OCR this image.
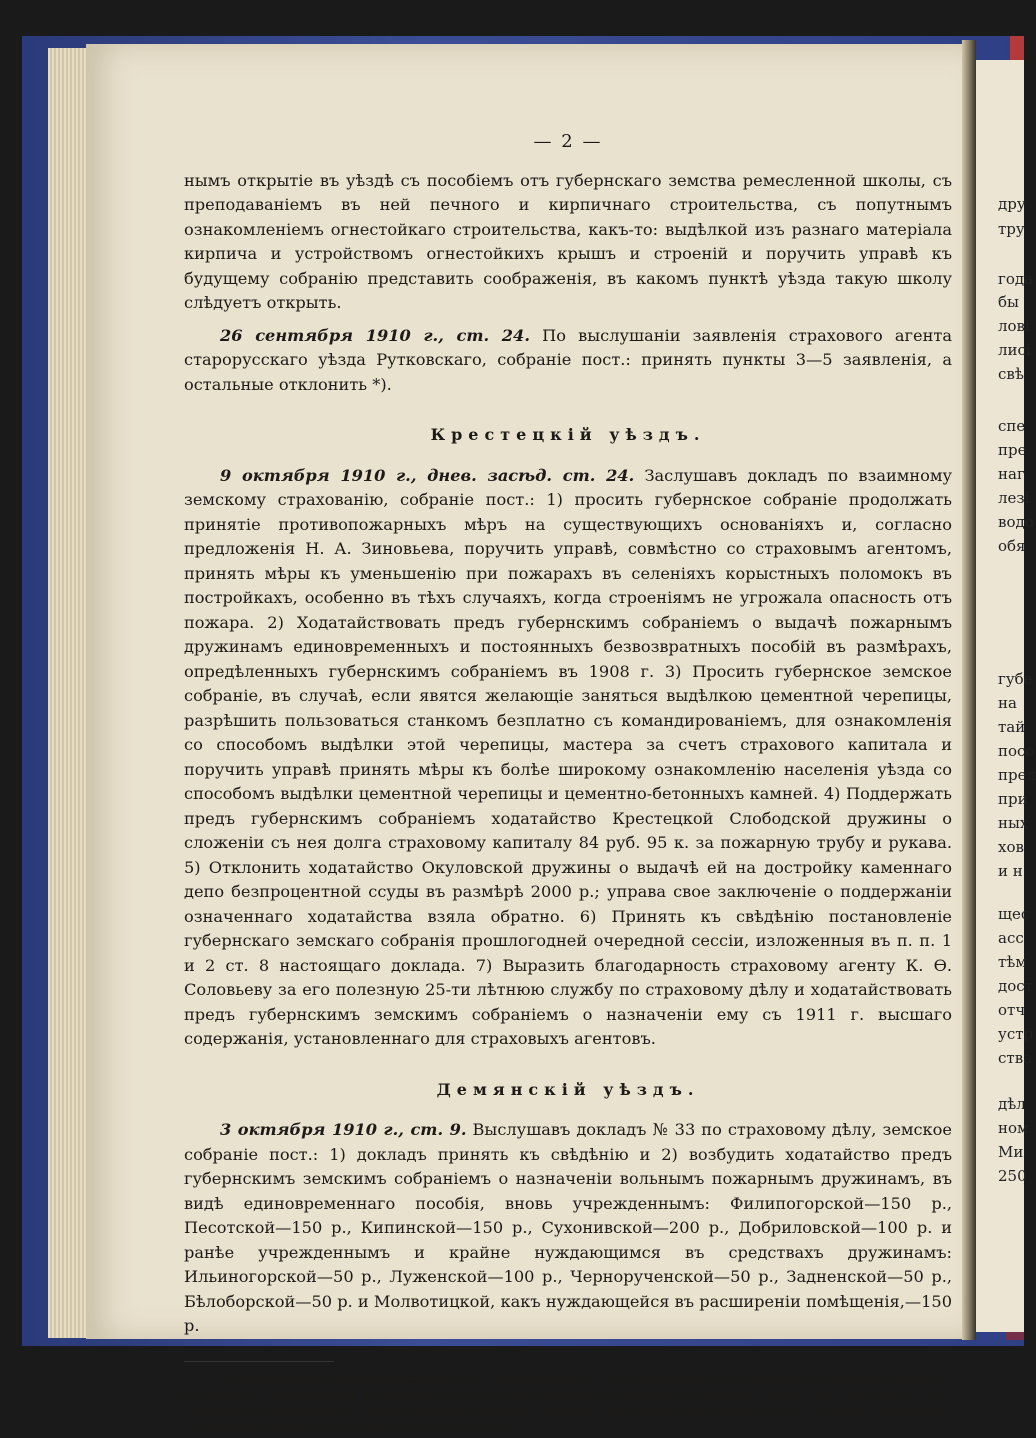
дру
тру
года
бы
лові
лисі
свѣ
спе
пре
наг
лезі
водо
обя
губе
на
тай
посо
прел
при
ных
хов
и н
щес
асс
тѣм
дост
отч
устр
ства
дѣл
ном
Ми
250
— 2 —

нымъ открытіе въ уѣздѣ съ пособіемъ отъ губернскаго земства ремесленной школы, съ преподаваніемъ въ ней печного и кирпичнаго строительства, съ попутнымъ ознакомленіемъ огнестойкаго строительства, какъ-то: выдѣлкой изъ разнаго матеріала кирпича и устройствомъ огнестойкихъ крышъ и строеній и поручить управѣ къ будущему собранію представить соображенія, въ какомъ пунктѣ уѣзда такую школу слѣдуетъ открыть.

26 сентября 1910 г., ст. 24. По выслушаніи заявленія страхового агента старорусскаго уѣзда Рутковскаго, собраніе пост.: принять пункты 3—5 заявленія, а остальные отклонить *).

Крестецкій уѣздъ.

9 октября 1910 г., днев. засѣд. ст. 24. Заслушавъ докладъ по взаимному земскому страхованію, собраніе пост.: 1) просить губернское собраніе продолжать принятіе противопожарныхъ мѣръ на существующихъ основаніяхъ и, согласно предложенія Н. А. Зиновьева, поручить управѣ, совмѣстно со страховымъ агентомъ, принять мѣры къ уменьшенію при пожарахъ въ селеніяхъ корыстныхъ поломокъ въ постройкахъ, особенно въ тѣхъ случаяхъ, когда строеніямъ не угрожала опасность отъ пожара. 2) Ходатайствовать предъ губернскимъ собраніемъ о выдачѣ пожарнымъ дружинамъ единовременныхъ и постоянныхъ безвозвратныхъ пособій въ размѣрахъ, опредѣленныхъ губернскимъ собраніемъ въ 1908 г. 3) Просить губернское земское собраніе, въ случаѣ, если явятся желающіе заняться выдѣлкою цементной черепицы, разрѣшить пользоваться станкомъ безплатно съ командированіемъ, для ознакомленія со способомъ выдѣлки этой черепицы, мастера за счетъ страхового капитала и поручить управѣ принять мѣры къ болѣе широкому ознакомленію населенія уѣзда со способомъ выдѣлки цементной черепицы и цементно-бетонныхъ камней. 4) Поддержать предъ губернскимъ собраніемъ ходатайство Крестецкой Слободской дружины о сложеніи съ нея долга страховому капиталу 84 руб. 95 к. за пожарную трубу и рукава. 5) Отклонить ходатайство Окуловской дружины о выдачѣ ей на достройку каменнаго депо безпроцентной ссуды въ размѣрѣ 2000 р.; управа свое заключеніе о поддержаніи означеннаго ходатайства взяла обратно. 6) Принять къ свѣдѣнію постановленіе губернскаго земскаго собранія прошлогодней очередной сессіи, изложенныя въ п. п. 1 и 2 ст. 8 настоящаго доклада. 7) Выразить благодарность страховому агенту К. Ѳ. Соловьеву за его полезную 25-ти лѣтнюю службу по страховому дѣлу и ходатайствовать предъ губернскимъ земскимъ собраніемъ о назначеніи ему съ 1911 г. высшаго содержанія, установленнаго для страховыхъ агентовъ.

Демянскій уѣздъ.

3 октября 1910 г., ст. 9. Выслушавъ докладъ № 33 по страховому дѣлу, земское собраніе пост.: 1) докладъ принять къ свѣдѣнію и 2) возбудить ходатайство предъ губернскимъ земскимъ собраніемъ о назначеніи вольнымъ пожарнымъ дружинамъ, въ видѣ единовременнаго пособія, вновь учрежденнымъ: Филипогорской—150 р., Песотской—150 р., Кипинской—150 р., Сухонивской—200 р., Добриловской—100 р. и ранѣе учрежденнымъ и крайне нуждающимся въ средствахъ дружинамъ: Ильиногорской—50 р., Луженской—100 р., Чернорученской—50 р., Задненской—50 р., Бѣлоборской—50 р. и Молвотицкой, какъ нуждающейся въ расширеніи помѣщенія,—150 р.

*) Предложенія агента заключаются въ слѣдующемъ: п. 3) о необходимости составленія страховыхъ листковъ порядкомъ, изложеннымъ въ запискѣ, п. 4) о необходимости ограничить страховые риски, въ зависимости ихъ опасности и о разрѣшеніи этихъ вопросовъ уѣздною управою, при заключеніи агента, п. 5) о выдачи субсидіи на организацію Доворецкой дружинѣ, въ суммѣ 300 р.
